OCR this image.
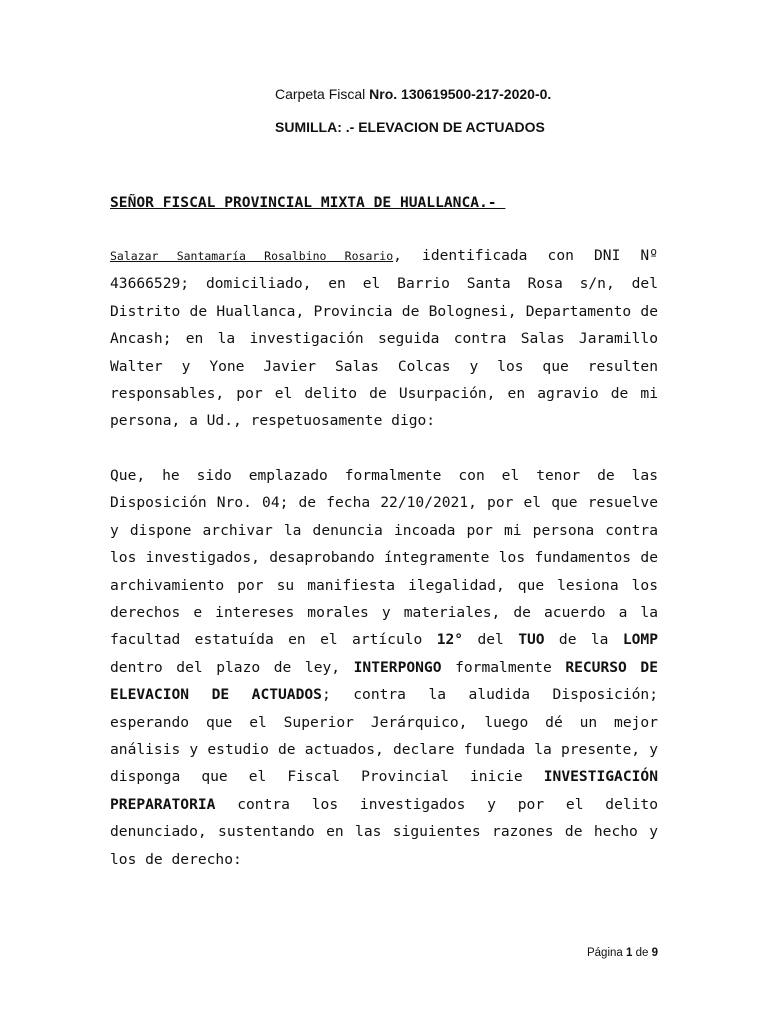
Carpeta Fiscal Nro. 130619500-217-2020-0.
SUMILLA: .- ELEVACION DE ACTUADOS
SEÑOR FISCAL PROVINCIAL MIXTA DE HUALLANCA.-
Salazar Santamaría Rosalbino Rosario, identificada con DNI Nº 43666529; domiciliado, en el Barrio Santa Rosa s/n, del Distrito de Huallanca, Provincia de Bolognesi, Departamento de Ancash; en la investigación seguida contra Salas Jaramillo Walter y Yone Javier Salas Colcas y los que resulten responsables, por el delito de Usurpación, en agravio de mi persona, a Ud., respetuosamente digo:
Que, he sido emplazado formalmente con el tenor de las Disposición Nro. 04; de fecha 22/10/2021, por el que resuelve y dispone archivar la denuncia incoada por mi persona contra los investigados, desaprobando íntegramente los fundamentos de archivamiento por su manifiesta ilegalidad, que lesiona los derechos e intereses morales y materiales, de acuerdo a la facultad estatuída en el artículo 12° del TUO de la LOMP dentro del plazo de ley, INTERPONGO formalmente RECURSO DE ELEVACION DE ACTUADOS; contra la aludida Disposición; esperando que el Superior Jerárquico, luego dé un mejor análisis y estudio de actuados, declare fundada la presente, y disponga que el Fiscal Provincial inicie INVESTIGACIÓN PREPARATORIA contra los investigados y por el delito denunciado, sustentando en las siguientes razones de hecho y los de derecho:
Página 1 de 9
